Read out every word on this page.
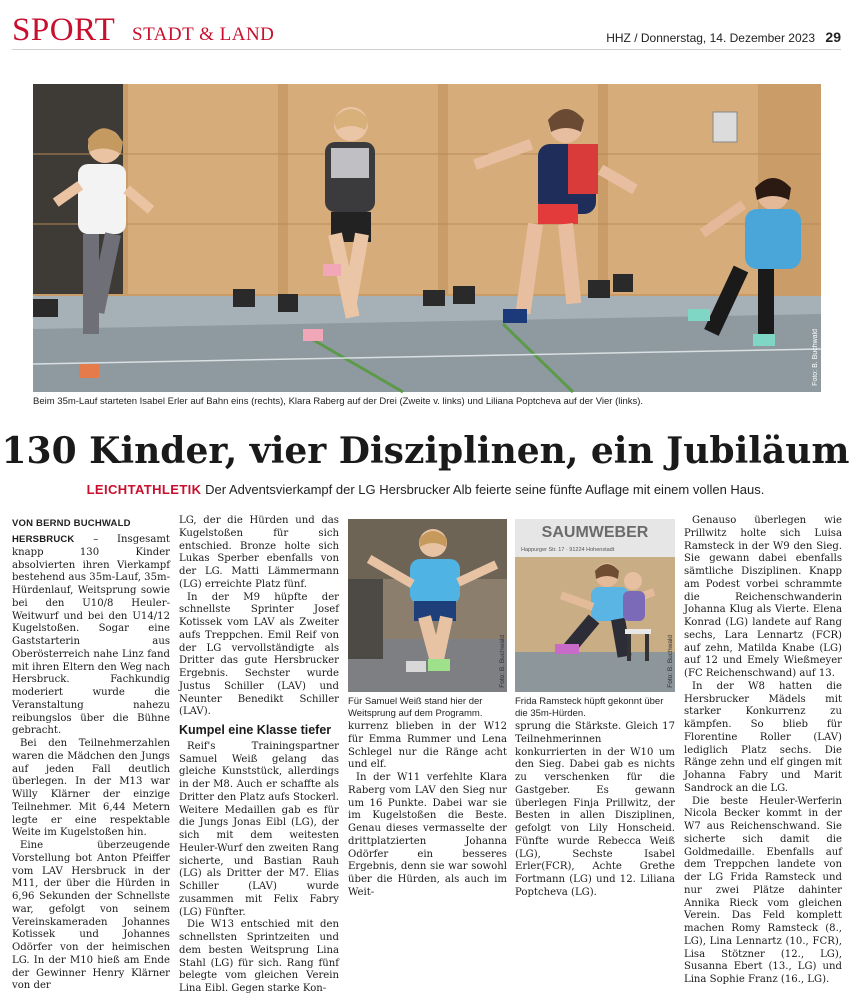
SPORT STADT & LAND	HHZ / Donnerstag, 14. Dezember 2023 29
Foto: B. Buchwald
Beim 35m-Lauf starteten Isabel Erler auf Bahn eins (rechts), Klara Raberg auf der Drei (Zweite v. links) und Liliana Poptcheva auf der Vier (links).
130 Kinder, vier Disziplinen, ein Jubiläum
LEICHTATHLETIK Der Adventsvierkampf der LG Hersbrucker Alb feierte seine fünfte Auflage mit einem vollen Haus.
VON BERND BUCHWALD

HERSBRUCK – Insgesamt knapp 130 Kinder absolvierten ihren Vierkampf bestehend aus 35m-Lauf, 35m-Hürdenlauf, Weitsprung sowie bei den U10/8 Heuler-Weitwurf und bei den U14/12 Kugelstoßen. Sogar eine Gaststarterin aus Oberösterreich nahe Linz fand mit ihren Eltern den Weg nach Hersbruck. Fachkundig moderiert wurde die Veranstaltung nahezu reibungslos über die Bühne gebracht.

Bei den Teilnehmerzahlen waren die Mädchen den Jungs auf jeden Fall deutlich überlegen. In der M13 war Willy Klärner der einzige Teilnehmer. Mit 6,44 Metern legte er eine respektable Weite im Kugelstoßen hin.

Eine überzeugende Vorstellung bot Anton Pfeiffer vom LAV Hersbruck in der M11, der über die Hürden in 6,96 Sekunden der Schnellste war, gefolgt von seinem Vereinskameraden Johannes Kotissek und Johannes Odörfer von der heimischen LG. In der M10 hieß am Ende der Gewinner Henry Klärner von der

LG, der die Hürden und das Kugelstoßen für sich entschied. Bronze holte sich Lukas Sperber ebenfalls von der LG. Matti Lämmermann (LG) erreichte Platz fünf.

In der M9 hüpfte der schnellste Sprinter Josef Kotissek vom LAV als Zweiter aufs Treppchen. Emil Reif von der LG vervollständigte als Dritter das gute Hersbrucker Ergebnis. Sechster wurde Justus Schiller (LAV) und Neunter Benedikt Schiller (LAV).

Kumpel eine Klasse tiefer

Reif's Trainingspartner Samuel Weiß gelang das gleiche Kunststück, allerdings in der M8. Auch er schaffte als Dritter den Platz aufs Stockerl. Weitere Medaillen gab es für die Jungs Jonas Eibl (LG), der sich mit dem weitesten Heuler-Wurf den zweiten Rang sicherte, und Bastian Rauh (LG) als Dritter der M7. Elias Schiller (LAV) wurde zusammen mit Felix Fabry (LG) Fünfter.

Die W13 entschied mit den schnellsten Sprintzeiten und dem besten Weitsprung Lina Stahl (LG) für sich. Rang fünf belegte vom gleichen Verein Lina Eibl. Gegen starke Kon-

Foto: B. Buchwald
Für Samuel Weiß stand hier der Weitsprung auf dem Programm.
SAUMWEBER
Happurger Str. 17 · 91224 Hohenstadt
Foto: B. Buchwald
Frida Ramsteck hüpft gekonnt über die 35m-Hürden.

kurrenz blieben in der W12 für Emma Rummer und Lena Schlegel nur die Ränge acht und elf.

In der W11 verfehlte Klara Raberg vom LAV den Sieg nur um 16 Punkte. Dabei war sie im Kugelstoßen die Beste. Genau dieses vermasselte der drittplatzierten Johanna Odörfer ein besseres Ergebnis, denn sie war sowohl über die Hürden, als auch im Weit-

sprung die Stärkste. Gleich 17 Teilnehmerinnen konkurrierten in der W10 um den Sieg. Dabei gab es nichts zu verschenken für die Gastgeber. Es gewann überlegen Finja Prillwitz, der Besten in allen Disziplinen, gefolgt von Lily Honscheid. Fünfte wurde Rebecca Weiß (LG), Sechste Isabel Erler(FCR), Achte Grethe Fortmann (LG) und 12. Liliana Poptcheva (LG).

Genauso überlegen wie Prillwitz holte sich Luisa Ramsteck in der W9 den Sieg. Sie gewann dabei ebenfalls sämtliche Disziplinen. Knapp am Podest vorbei schrammte die Reichenschwanderin Johanna Klug als Vierte. Elena Konrad (LG) landete auf Rang sechs, Lara Lennartz (FCR) auf zehn, Matilda Knabe (LG) auf 12 und Emely Wießmeyer (FC Reichenschwand) auf 13.

In der W8 hatten die Hersbrucker Mädels mit starker Konkurrenz zu kämpfen. So blieb für Florentine Roller (LAV) lediglich Platz sechs. Die Ränge zehn und elf gingen mit Johanna Fabry und Marit Sandrock an die LG.

Die beste Heuler-Werferin Nicola Becker kommt in der W7 aus Reichenschwand. Sie sicherte sich damit die Goldmedaille. Ebenfalls auf dem Treppchen landete von der LG Frida Ramsteck und nur zwei Plätze dahinter Annika Rieck vom gleichen Verein. Das Feld komplett machen Romy Ramsteck (8., LG), Lina Lennartz (10., FCR), Lisa Stötzner (12., LG), Susanna Ebert (13., LG) und Lina Sophie Franz (16., LG).
